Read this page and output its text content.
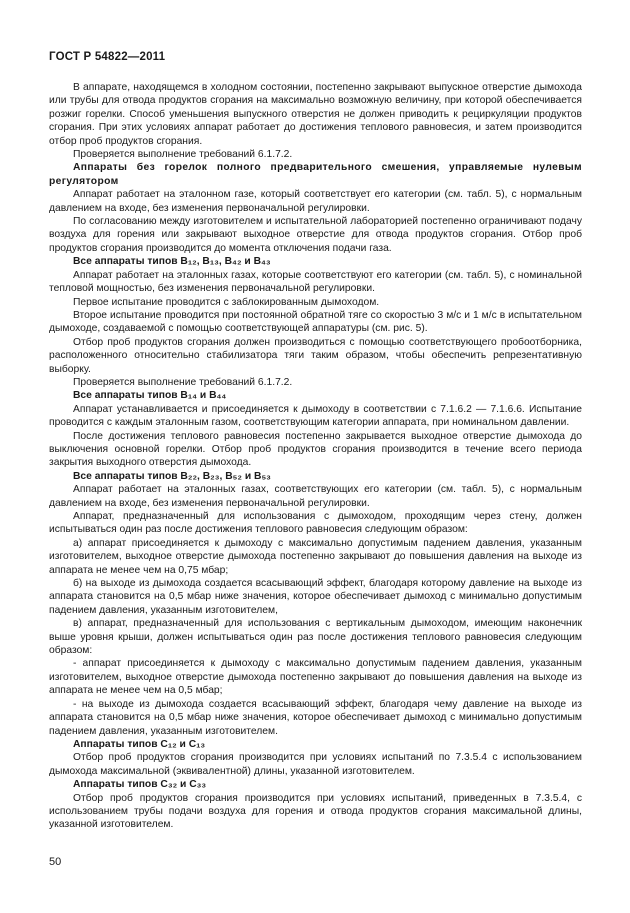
ГОСТ Р 54822—2011

В аппарате, находящемся в холодном состоянии, постепенно закрывают выпускное отверстие дымохода или трубы для отвода продуктов сгорания на максимально возможную величину, при которой обеспечивается розжиг горелки. Способ уменьшения выпускного отверстия не должен приводить к рециркуляции продуктов сгорания. При этих условиях аппарат работает до достижения теплового равновесия, и затем производится отбор проб продуктов сгорания.

Проверяется выполнение требований 6.1.7.2.

Аппараты без горелок полного предварительного смешения, управляемые нулевым регулятором

Аппарат работает на эталонном газе, который соответствует его категории (см. табл. 5), с нормальным давлением на входе, без изменения первоначальной регулировки.

По согласованию между изготовителем и испытательной лабораторией постепенно ограничивают подачу воздуха для горения или закрывают выходное отверстие для отвода продуктов сгорания. Отбор проб продуктов сгорания производится до момента отключения подачи газа.

Все аппараты типов B₁₂, B₁₃, B₄₂ и B₄₃

Аппарат работает на эталонных газах, которые соответствуют его категории (см. табл. 5), с номинальной тепловой мощностью, без изменения первоначальной регулировки.

Первое испытание проводится с заблокированным дымоходом.

Второе испытание проводится при постоянной обратной тяге со скоростью 3 м/с и 1 м/с в испытательном дымоходе, создаваемой с помощью соответствующей аппаратуры (см. рис. 5).

Отбор проб продуктов сгорания должен производиться с помощью соответствующего пробоотборника, расположенного относительно стабилизатора тяги таким образом, чтобы обеспечить репрезентативную выборку.

Проверяется выполнение требований 6.1.7.2.

Все аппараты типов B₁₄ и B₄₄

Аппарат устанавливается и присоединяется к дымоходу в соответствии с 7.1.6.2 — 7.1.6.6. Испытание проводится с каждым эталонным газом, соответствующим категории аппарата, при номинальном давлении.

После достижения теплового равновесия постепенно закрывается выходное отверстие дымохода до выключения основной горелки. Отбор проб продуктов сгорания производится в течение всего периода закрытия выходного отверстия дымохода.

Все аппараты типов B₂₂, B₂₃, B₅₂ и B₅₃

Аппарат работает на эталонных газах, соответствующих его категории (см. табл. 5), с нормальным давлением на входе, без изменения первоначальной регулировки.

Аппарат, предназначенный для использования с дымоходом, проходящим через стену, должен испытываться один раз после достижения теплового равновесия следующим образом:

а) аппарат присоединяется к дымоходу с максимально допустимым падением давления, указанным изготовителем, выходное отверстие дымохода постепенно закрывают до повышения давления на выходе из аппарата не менее чем на 0,75 мбар;

б) на выходе из дымохода создается всасывающий эффект, благодаря которому давление на выходе из аппарата становится на 0,5 мбар ниже значения, которое обеспечивает дымоход с минимально допустимым падением давления, указанным изготовителем,

в) аппарат, предназначенный для использования с вертикальным дымоходом, имеющим наконечник выше уровня крыши, должен испытываться один раз после достижения теплового равновесия следующим образом:

- аппарат присоединяется к дымоходу с максимально допустимым падением давления, указанным изготовителем, выходное отверстие дымохода постепенно закрывают до повышения давления на выходе из аппарата не менее чем на 0,5 мбар;

- на выходе из дымохода создается всасывающий эффект, благодаря чему давление на выходе из аппарата становится на 0,5 мбар ниже значения, которое обеспечивает дымоход с минимально допустимым падением давления, указанным изготовителем.

Аппараты типов C₁₂ и C₁₃

Отбор проб продуктов сгорания производится при условиях испытаний по 7.3.5.4 с использованием дымохода максимальной (эквивалентной) длины, указанной изготовителем.

Аппараты типов C₃₂ и C₃₃

Отбор проб продуктов сгорания производится при условиях испытаний, приведенных в 7.3.5.4, с использованием трубы подачи воздуха для горения и отвода продуктов сгорания максимальной длины, указанной изготовителем.

50
